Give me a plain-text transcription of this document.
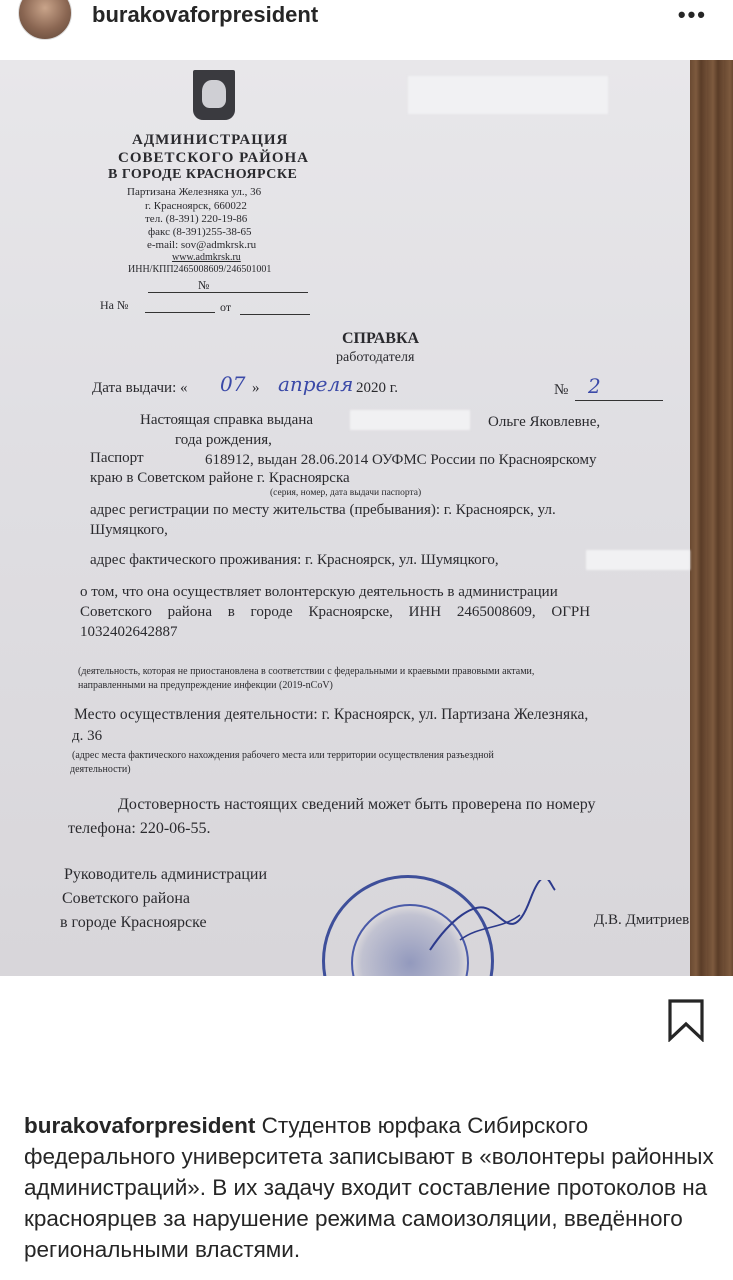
burakovaforpresident	•••
АДМИНИСТРАЦИЯ
СОВЕТСКОГО РАЙОНА
В ГОРОДЕ КРАСНОЯРСКЕ
Партизана Железняка ул., 36
г. Красноярск, 660022
тел. (8-391) 220-19-86
факс (8-391)255-38-65
e-mail: sov@admkrsk.ru
www.admkrsk.ru
ИНН/КПП2465008609/246501001
№
На №	от
СПРАВКА
работодателя
Дата выдачи: « 07 » апреля 2020 г.	№ 2
Настоящая справка выдана	Ольге Яковлевне,
года рождения,
Паспорт	618912, выдан 28.06.2014 ОУФМС России по Красноярскому
краю в Советском районе г. Красноярска
(серия, номер, дата выдачи паспорта)
адрес регистрации по месту жительства (пребывания): г. Красноярск, ул.
Шумяцкого,
адрес фактического проживания: г. Красноярск, ул. Шумяцкого,
о том, что она осуществляет волонтерскую деятельность в администрации
Советского района в городе Красноярске, ИНН 2465008609, ОГРН
1032402642887
(деятельность, которая не приостановлена в соответствии с федеральными и краевыми правовыми актами,
направленными на предупреждение инфекции (2019-nCoV)
Место осуществления деятельности: г. Красноярск, ул. Партизана Железняка,
д. 36
(адрес места фактического нахождения рабочего места или территории осуществления разъездной
деятельности)
Достоверность настоящих сведений может быть проверена по номеру
телефона: 220-06-55.
Руководитель администрации
Советского района
в городе Красноярске	Д.В. Дмитриев
burakovaforpresident Студентов юрфака Сибирского федерального университета записывают в «волонтеры районных администраций». В их задачу входит составление протоколов на красноярцев за нарушение режима самоизоляции, введённого региональными властями.
